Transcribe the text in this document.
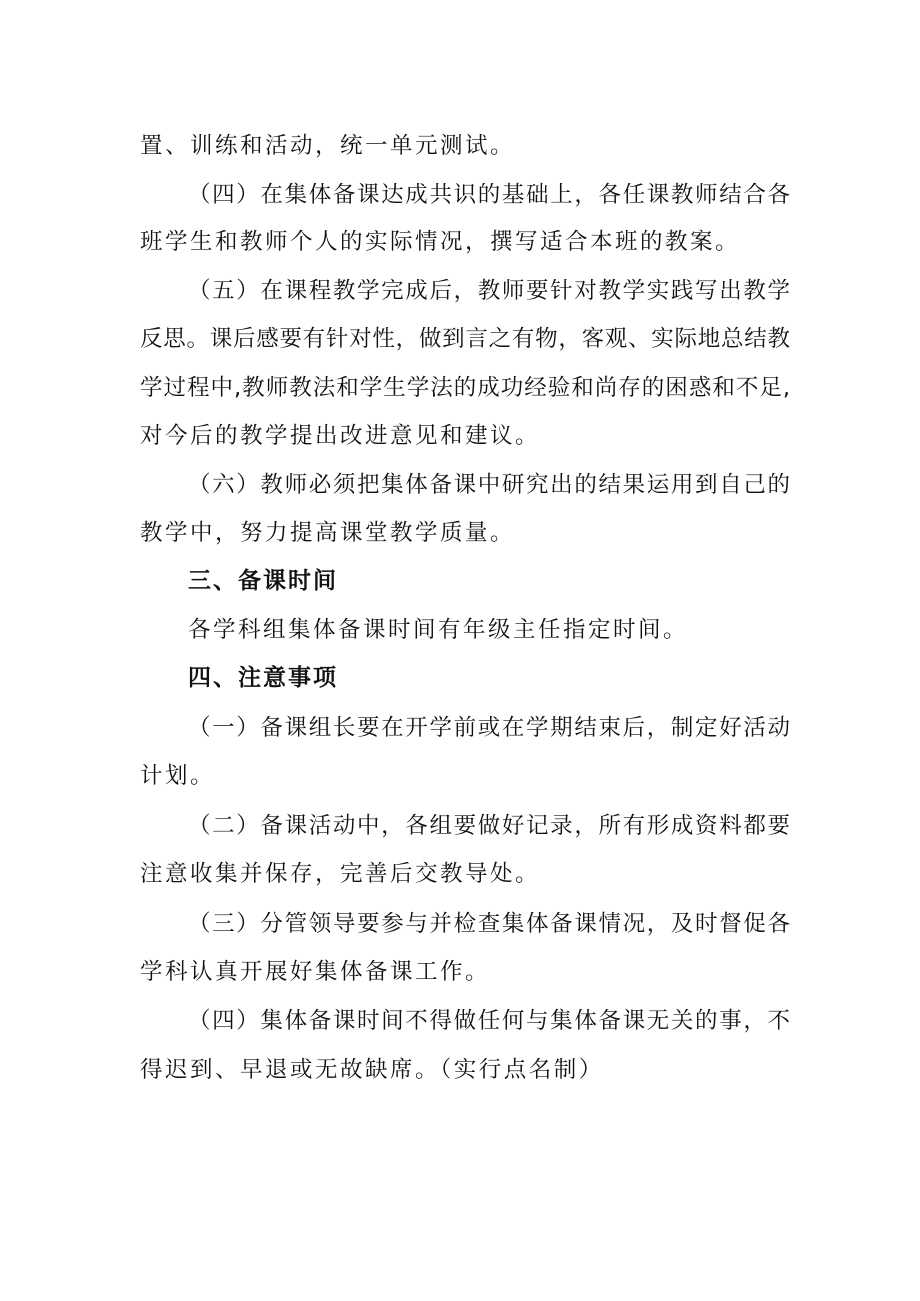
置、训练和活动，统一单元测试。
（四）在集体备课达成共识的基础上，各任课教师结合各
班学生和教师个人的实际情况，撰写适合本班的教案。
（五）在课程教学完成后，教师要针对教学实践写出教学
反思。课后感要有针对性，做到言之有物，客观、实际地总结教
学过程中,教师教法和学生学法的成功经验和尚存的困惑和不足,
对今后的教学提出改进意见和建议。
（六）教师必须把集体备课中研究出的结果运用到自己的
教学中，努力提高课堂教学质量。
三、备课时间
各学科组集体备课时间有年级主任指定时间。
四、注意事项
（一）备课组长要在开学前或在学期结束后，制定好活动
计划。
（二）备课活动中，各组要做好记录，所有形成资料都要
注意收集并保存，完善后交教导处。
（三）分管领导要参与并检查集体备课情况，及时督促各
学科认真开展好集体备课工作。
（四）集体备课时间不得做任何与集体备课无关的事，不
得迟到、早退或无故缺席。（实行点名制）
